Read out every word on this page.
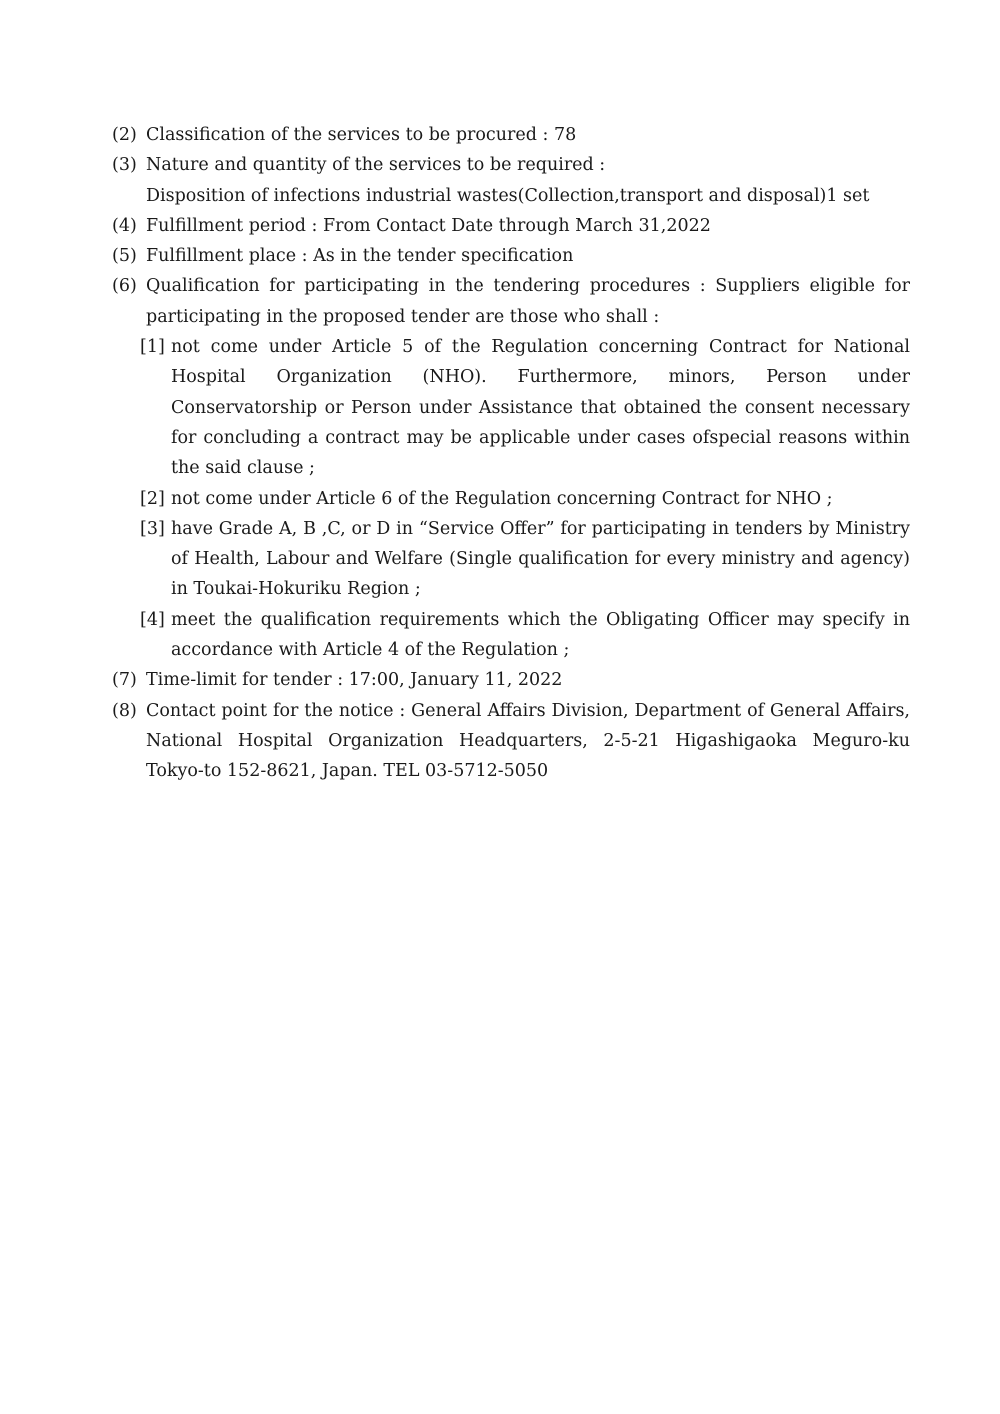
(2) Classification of the services to be procured : 78
(3) Nature and quantity of the services to be required :
Disposition of infections industrial wastes(Collection,transport and disposal)1 set
(4) Fulfillment period : From Contact Date through March 31,2022
(5) Fulfillment place : As in the tender specification
(6) Qualification for participating in the tendering procedures : Suppliers eligible for participating in the proposed tender are those who shall :
[1] not come under Article 5 of the Regulation concerning Contract for National Hospital Organization (NHO). Furthermore, minors, Person under Conservatorship or Person under Assistance that obtained the consent necessary for concluding a contract may be applicable under cases ofspecial reasons within the said clause ;
[2] not come under Article 6 of the Regulation concerning Contract for NHO ;
[3] have Grade A, B ,C, or D in “Service Offer” for participating in tenders by Ministry of Health, Labour and Welfare (Single qualification for every ministry and agency) in Toukai-Hokuriku Region ;
[4] meet the qualification requirements which the Obligating Officer may specify in accordance with Article 4 of the Regulation ;
(7) Time-limit for tender : 17:00, January 11, 2022
(8) Contact point for the notice : General Affairs Division, Department of General Affairs, National Hospital Organization Headquarters, 2-5-21 Higashigaoka Meguro-ku Tokyo-to 152-8621, Japan. TEL 03-5712-5050
